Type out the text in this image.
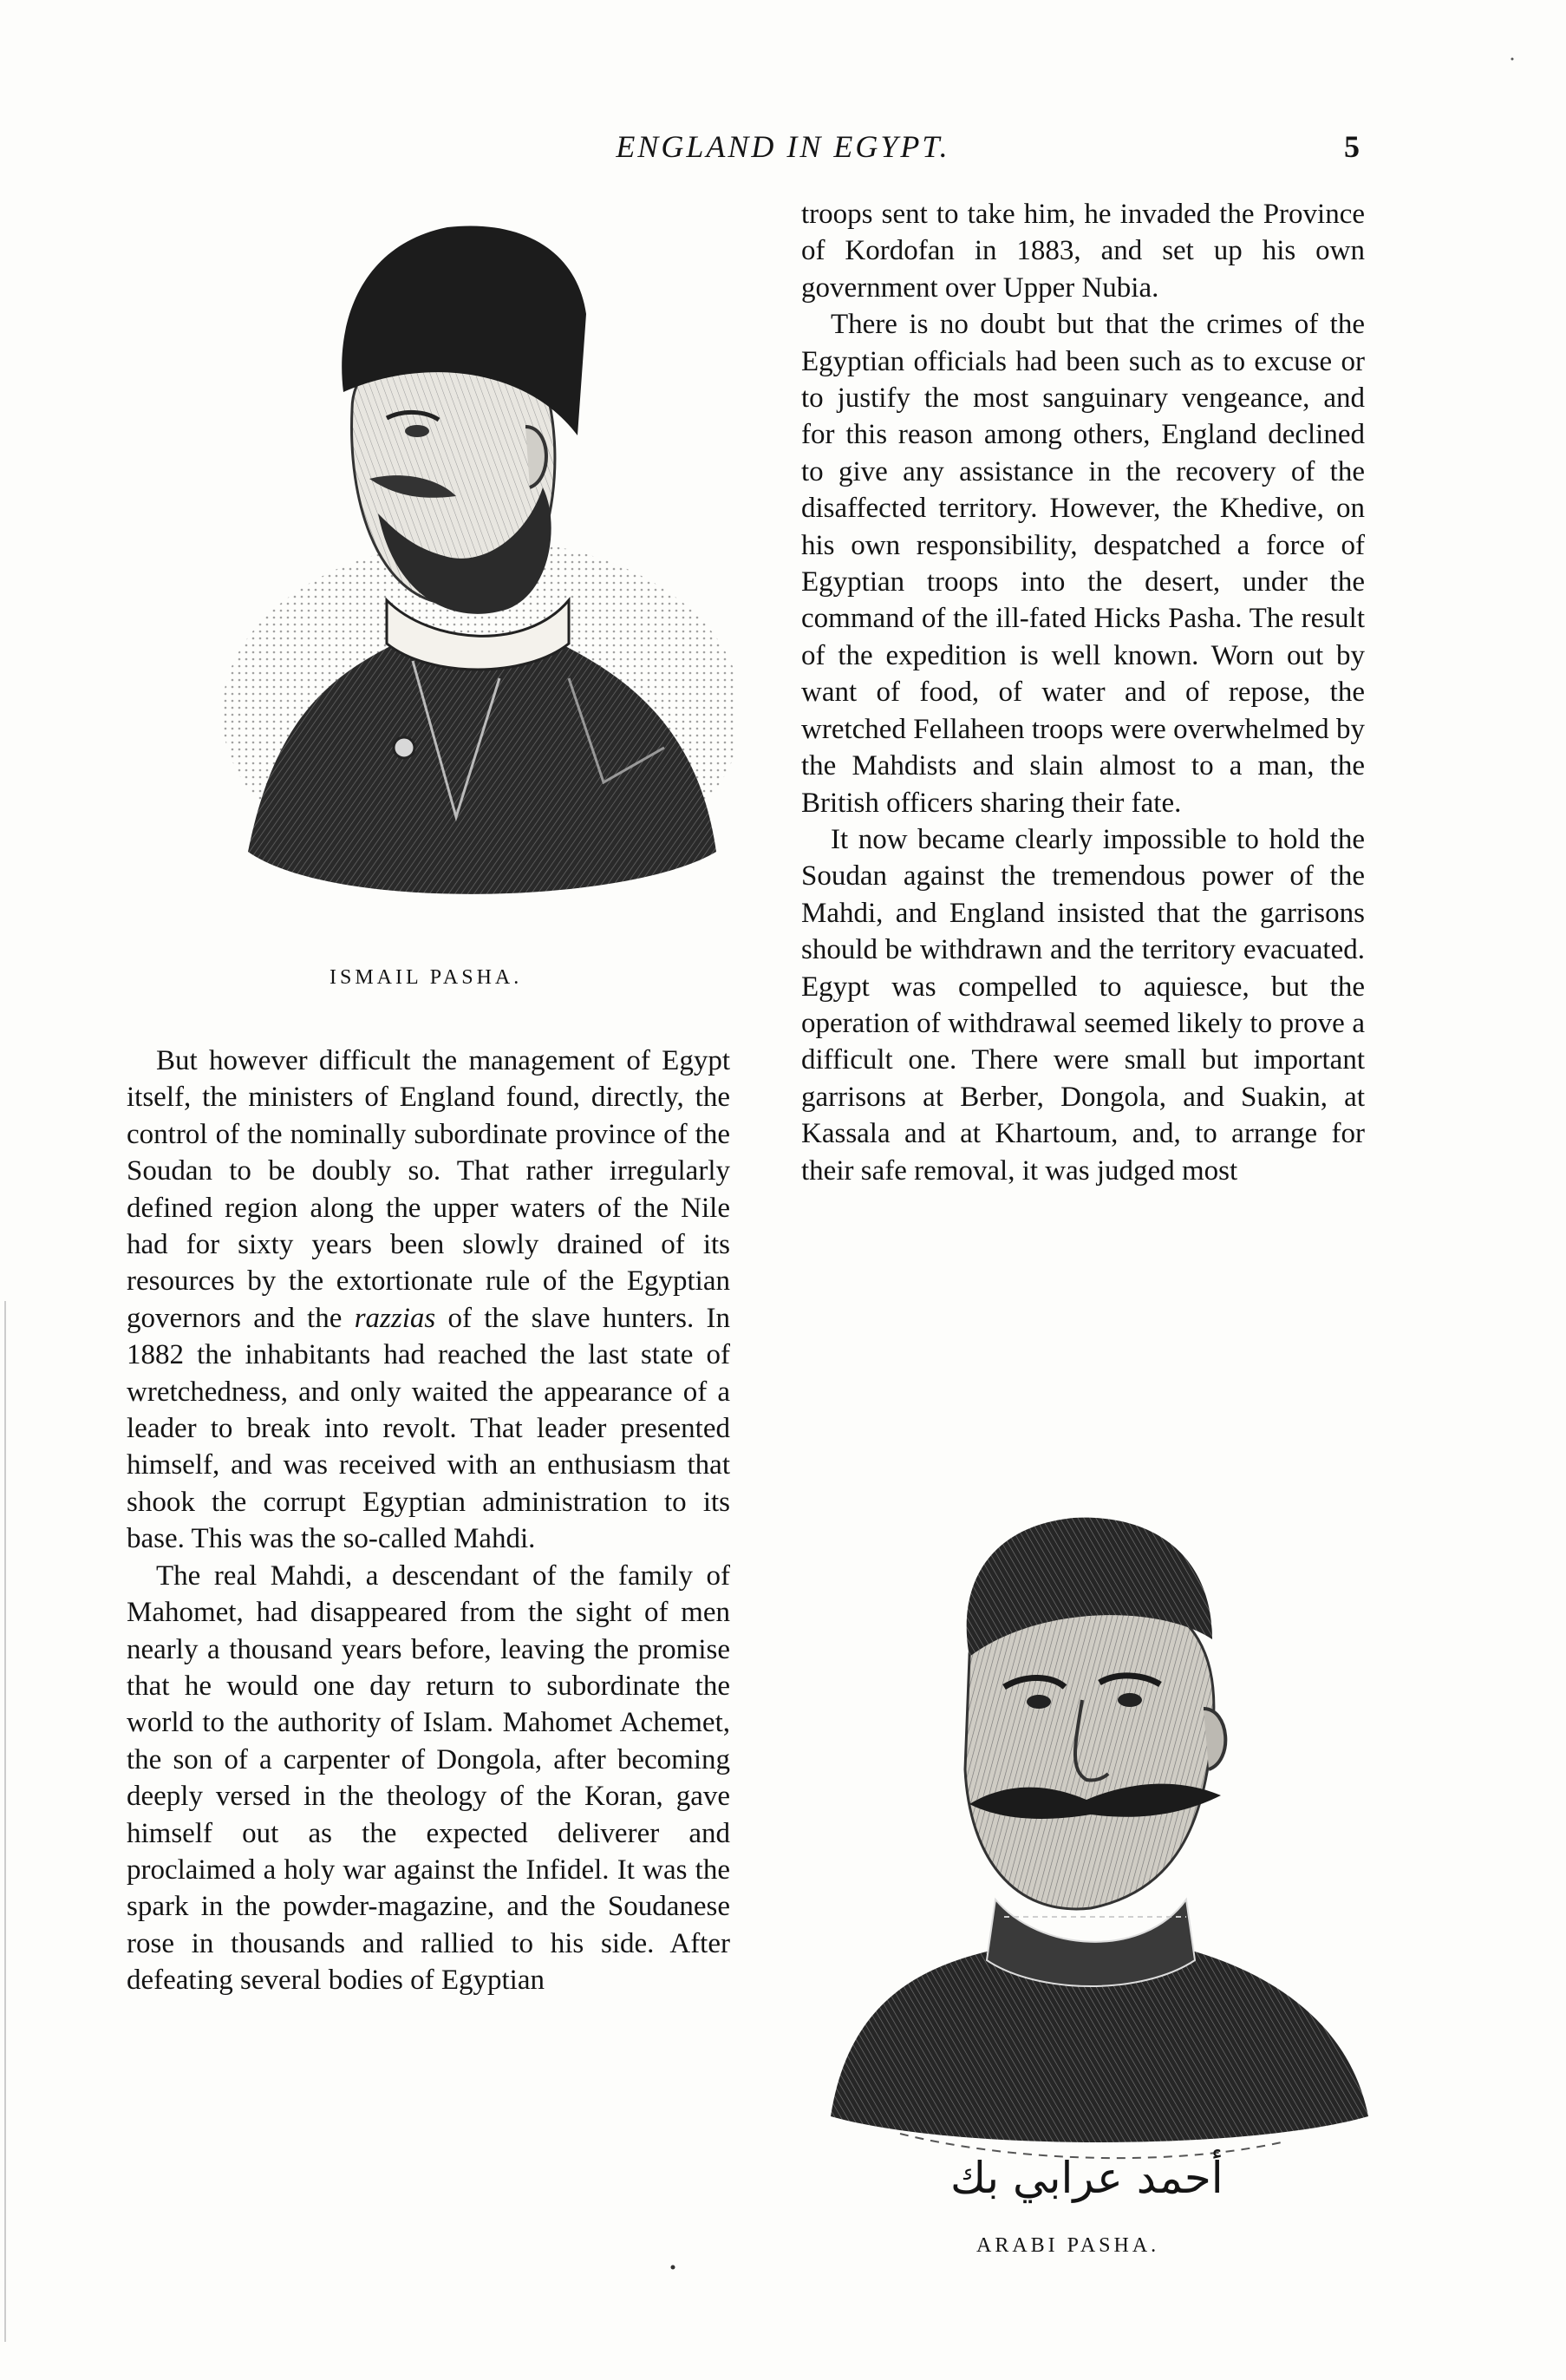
ENGLAND IN EGYPT.	5
ISMAIL PASHA.

But however difficult the management of Egypt itself, the ministers of England found, directly, the control of the nominally subordinate province of the Soudan to be doubly so. That rather irregularly defined region along the upper waters of the Nile had for sixty years been slowly drained of its resources by the extortionate rule of the Egyptian governors and the razzias of the slave hunters. In 1882 the inhabitants had reached the last state of wretchedness, and only waited the appearance of a leader to break into revolt. That leader presented himself, and was received with an enthusiasm that shook the corrupt Egyptian administration to its base. This was the so-called Mahdi.

The real Mahdi, a descendant of the family of Mahomet, had disappeared from the sight of men nearly a thousand years before, leaving the promise that he would one day return to subordinate the world to the authority of Islam. Mahomet Achemet, the son of a carpenter of Dongola, after becoming deeply versed in the theology of the Koran, gave himself out as the expected deliverer and proclaimed a holy war against the Infidel. It was the spark in the powder-magazine, and the Soudanese rose in thousands and rallied to his side. After defeating several bodies of Egyptian

troops sent to take him, he invaded the Province of Kordofan in 1883, and set up his own government over Upper Nubia.

There is no doubt but that the crimes of the Egyptian officials had been such as to excuse or to justify the most sanguinary vengeance, and for this reason among others, England declined to give any assistance in the recovery of the disaffected territory. However, the Khedive, on his own responsibility, despatched a force of Egyptian troops into the desert, under the command of the ill-fated Hicks Pasha. The result of the expedition is well known. Worn out by want of food, of water and of repose, the wretched Fellaheen troops were overwhelmed by the Mahdists and slain almost to a man, the British officers sharing their fate.

It now became clearly impossible to hold the Soudan against the tremendous power of the Mahdi, and England insisted that the garrisons should be withdrawn and the territory evacuated. Egypt was compelled to aquiesce, but the operation of withdrawal seemed likely to prove a difficult one. There were small but important garrisons at Berber, Dongola, and Suakin, at Kassala and at Khartoum, and, to arrange for their safe removal, it was judged most

أحمد عرابي بك
ARABI PASHA.
